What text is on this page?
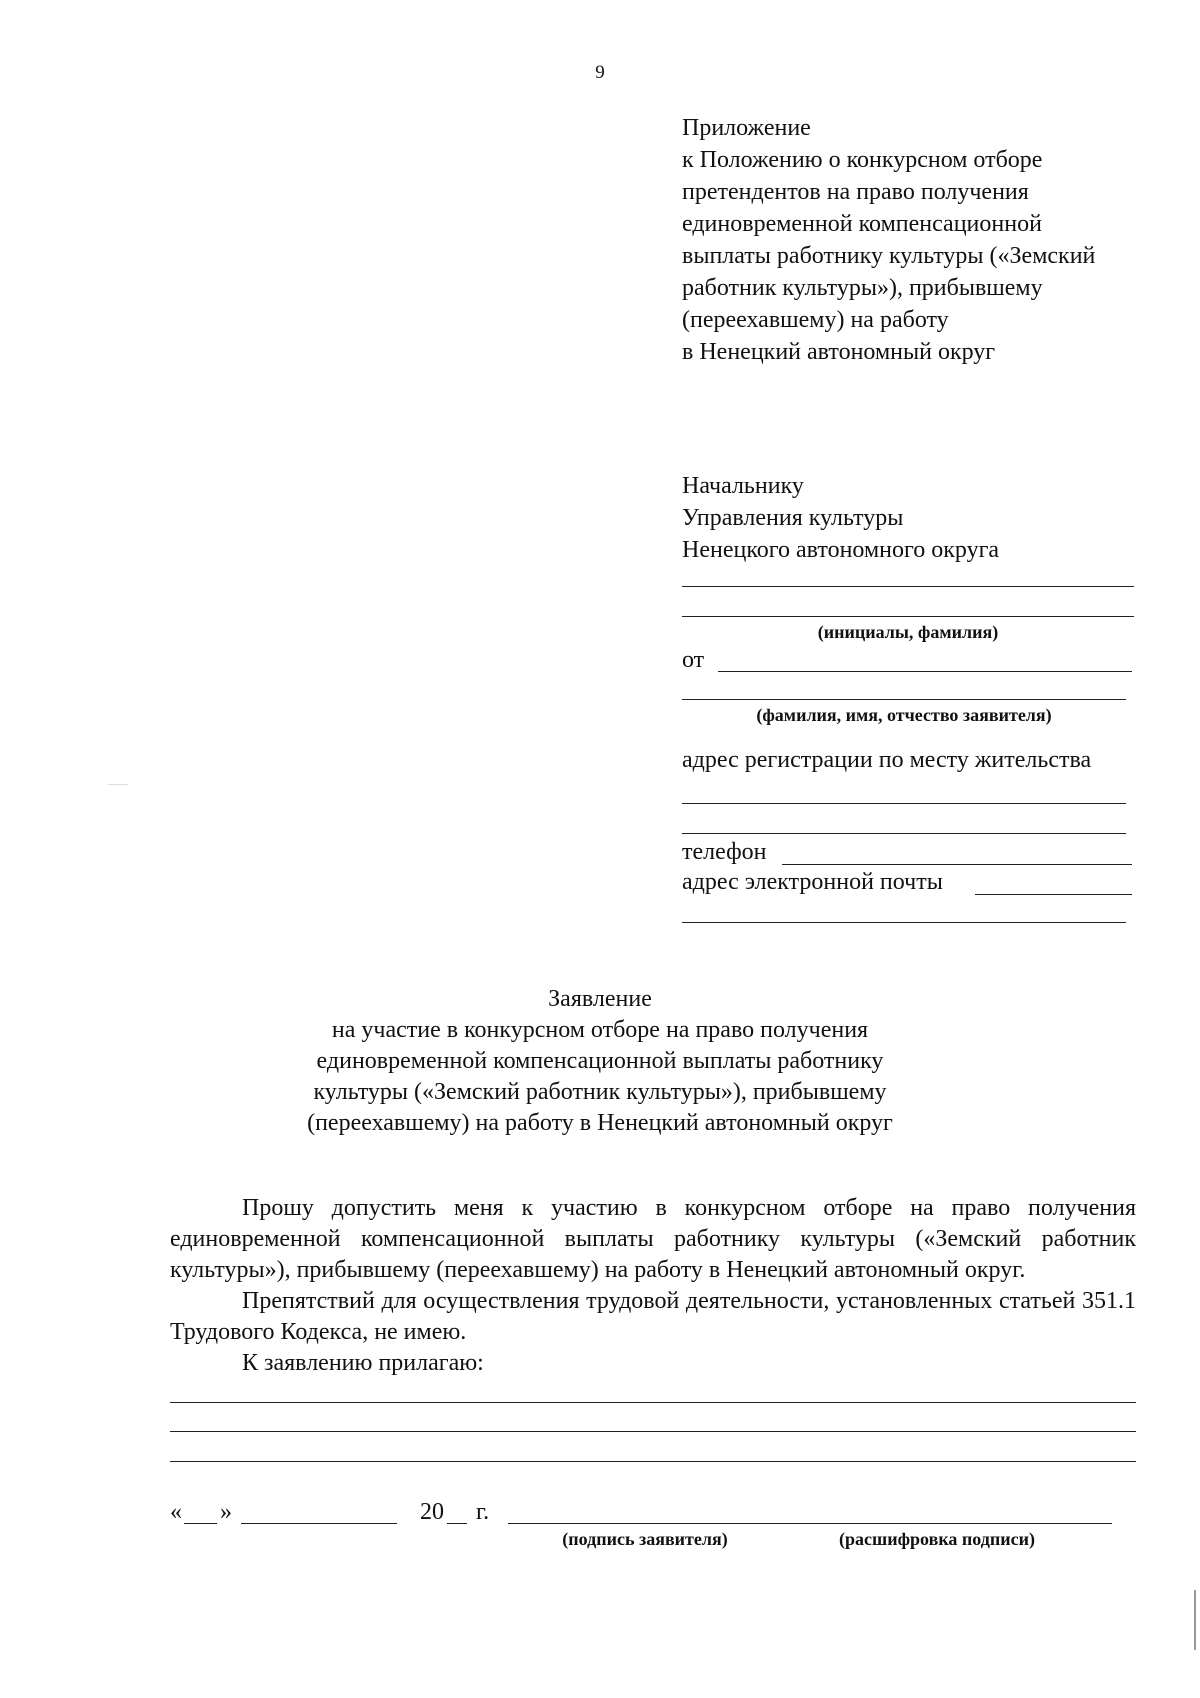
9
Приложение
к Положению о конкурсном отборе
претендентов на право получения
единовременной компенсационной
выплаты работнику культуры («Земский
работник культуры»), прибывшему
(переехавшему) на работу
в Ненецкий автономный округ
Начальнику
Управления культуры
Ненецкого автономного округа
(инициалы, фамилия)
от
(фамилия, имя, отчество заявителя)
адрес регистрации по месту жительства
телефон
адрес электронной почты
Заявление
на участие в конкурсном отборе на право получения
единовременной компенсационной выплаты работнику
культуры («Земский работник культуры»), прибывшему
(переехавшему) на работу в Ненецкий автономный округ
Прошу допустить меня к участию в конкурсном отборе на право получения единовременной компенсационной выплаты работнику культуры («Земский работник культуры»), прибывшему (переехавшему) на работу в Ненецкий автономный округ.
Препятствий для осуществления трудовой деятельности, установленных статьей 351.1 Трудового Кодекса, не имею.
К заявлению прилагаю:
« »	20 г.
(подпись заявителя)	(расшифровка подписи)
